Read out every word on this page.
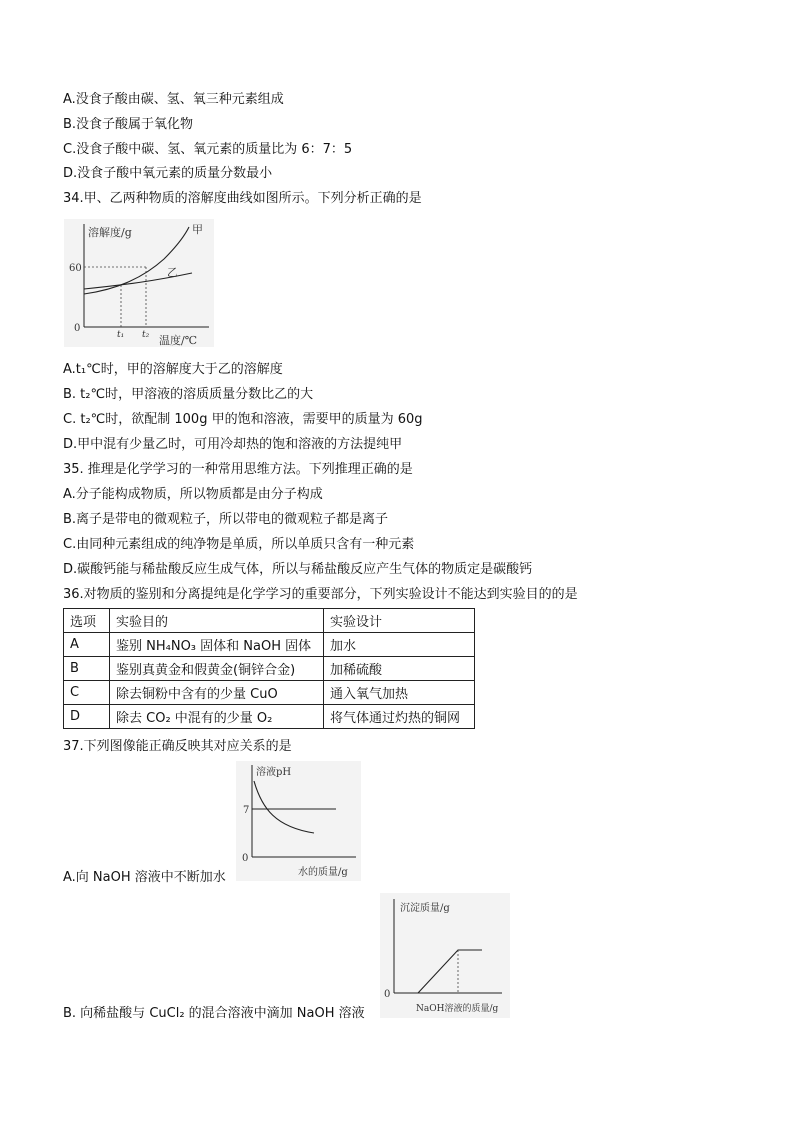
A.没食子酸由碳、氢、氧三种元素组成
B.没食子酸属于氧化物
C.没食子酸中碳、氢、氧元素的质量比为 6：7：5
D.没食子酸中氧元素的质量分数最小
34.甲、乙两种物质的溶解度曲线如图所示。下列分析正确的是
溶解度/g
温度/℃
60
0
t₁ t₂
甲
乙
A.t₁℃时，甲的溶解度大于乙的溶解度
B. t₂℃时，甲溶液的溶质质量分数比乙的大
C. t₂℃时，欲配制 100g 甲的饱和溶液，需要甲的质量为 60g
D.甲中混有少量乙时，可用冷却热的饱和溶液的方法提纯甲
35. 推理是化学学习的一种常用思维方法。下列推理正确的是
A.分子能构成物质，所以物质都是由分子构成
B.离子是带电的微观粒子，所以带电的微观粒子都是离子
C.由同种元素组成的纯净物是单质，所以单质只含有一种元素
D.碳酸钙能与稀盐酸反应生成气体，所以与稀盐酸反应产生气体的物质定是碳酸钙
36.对物质的鉴别和分离提纯是化学学习的重要部分，下列实验设计不能达到实验目的的是
选项	实验目的	实验设计
A	鉴别 NH₄NO₃ 固体和 NaOH 固体	加水
B	鉴别真黄金和假黄金(铜锌合金)	加稀硫酸
C	除去铜粉中含有的少量 CuO	通入氧气加热
D	除去 CO₂ 中混有的少量 O₂	将气体通过灼热的铜网
37.下列图像能正确反映其对应关系的是
溶液pH
水的质量/g
7
0
A.向 NaOH 溶液中不断加水
沉淀质量/g
NaOH溶液的质量/g
0
B. 向稀盐酸与 CuCl₂ 的混合溶液中滴加 NaOH 溶液
